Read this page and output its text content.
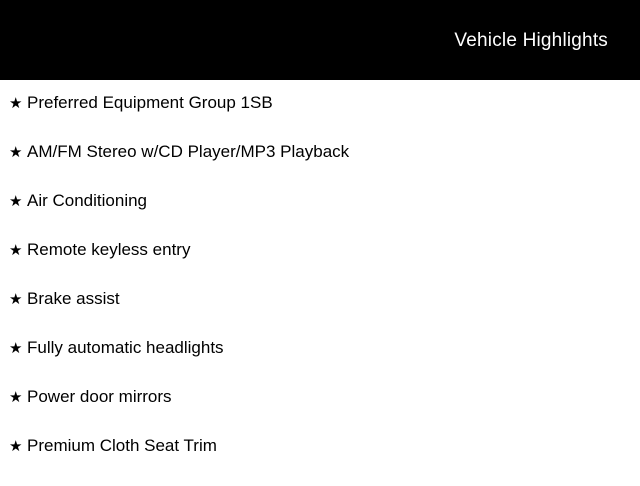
Vehicle Highlights
★ Preferred Equipment Group 1SB
★ AM/FM Stereo w/CD Player/MP3 Playback
★ Air Conditioning
★ Remote keyless entry
★ Brake assist
★ Fully automatic headlights
★ Power door mirrors
★ Premium Cloth Seat Trim
